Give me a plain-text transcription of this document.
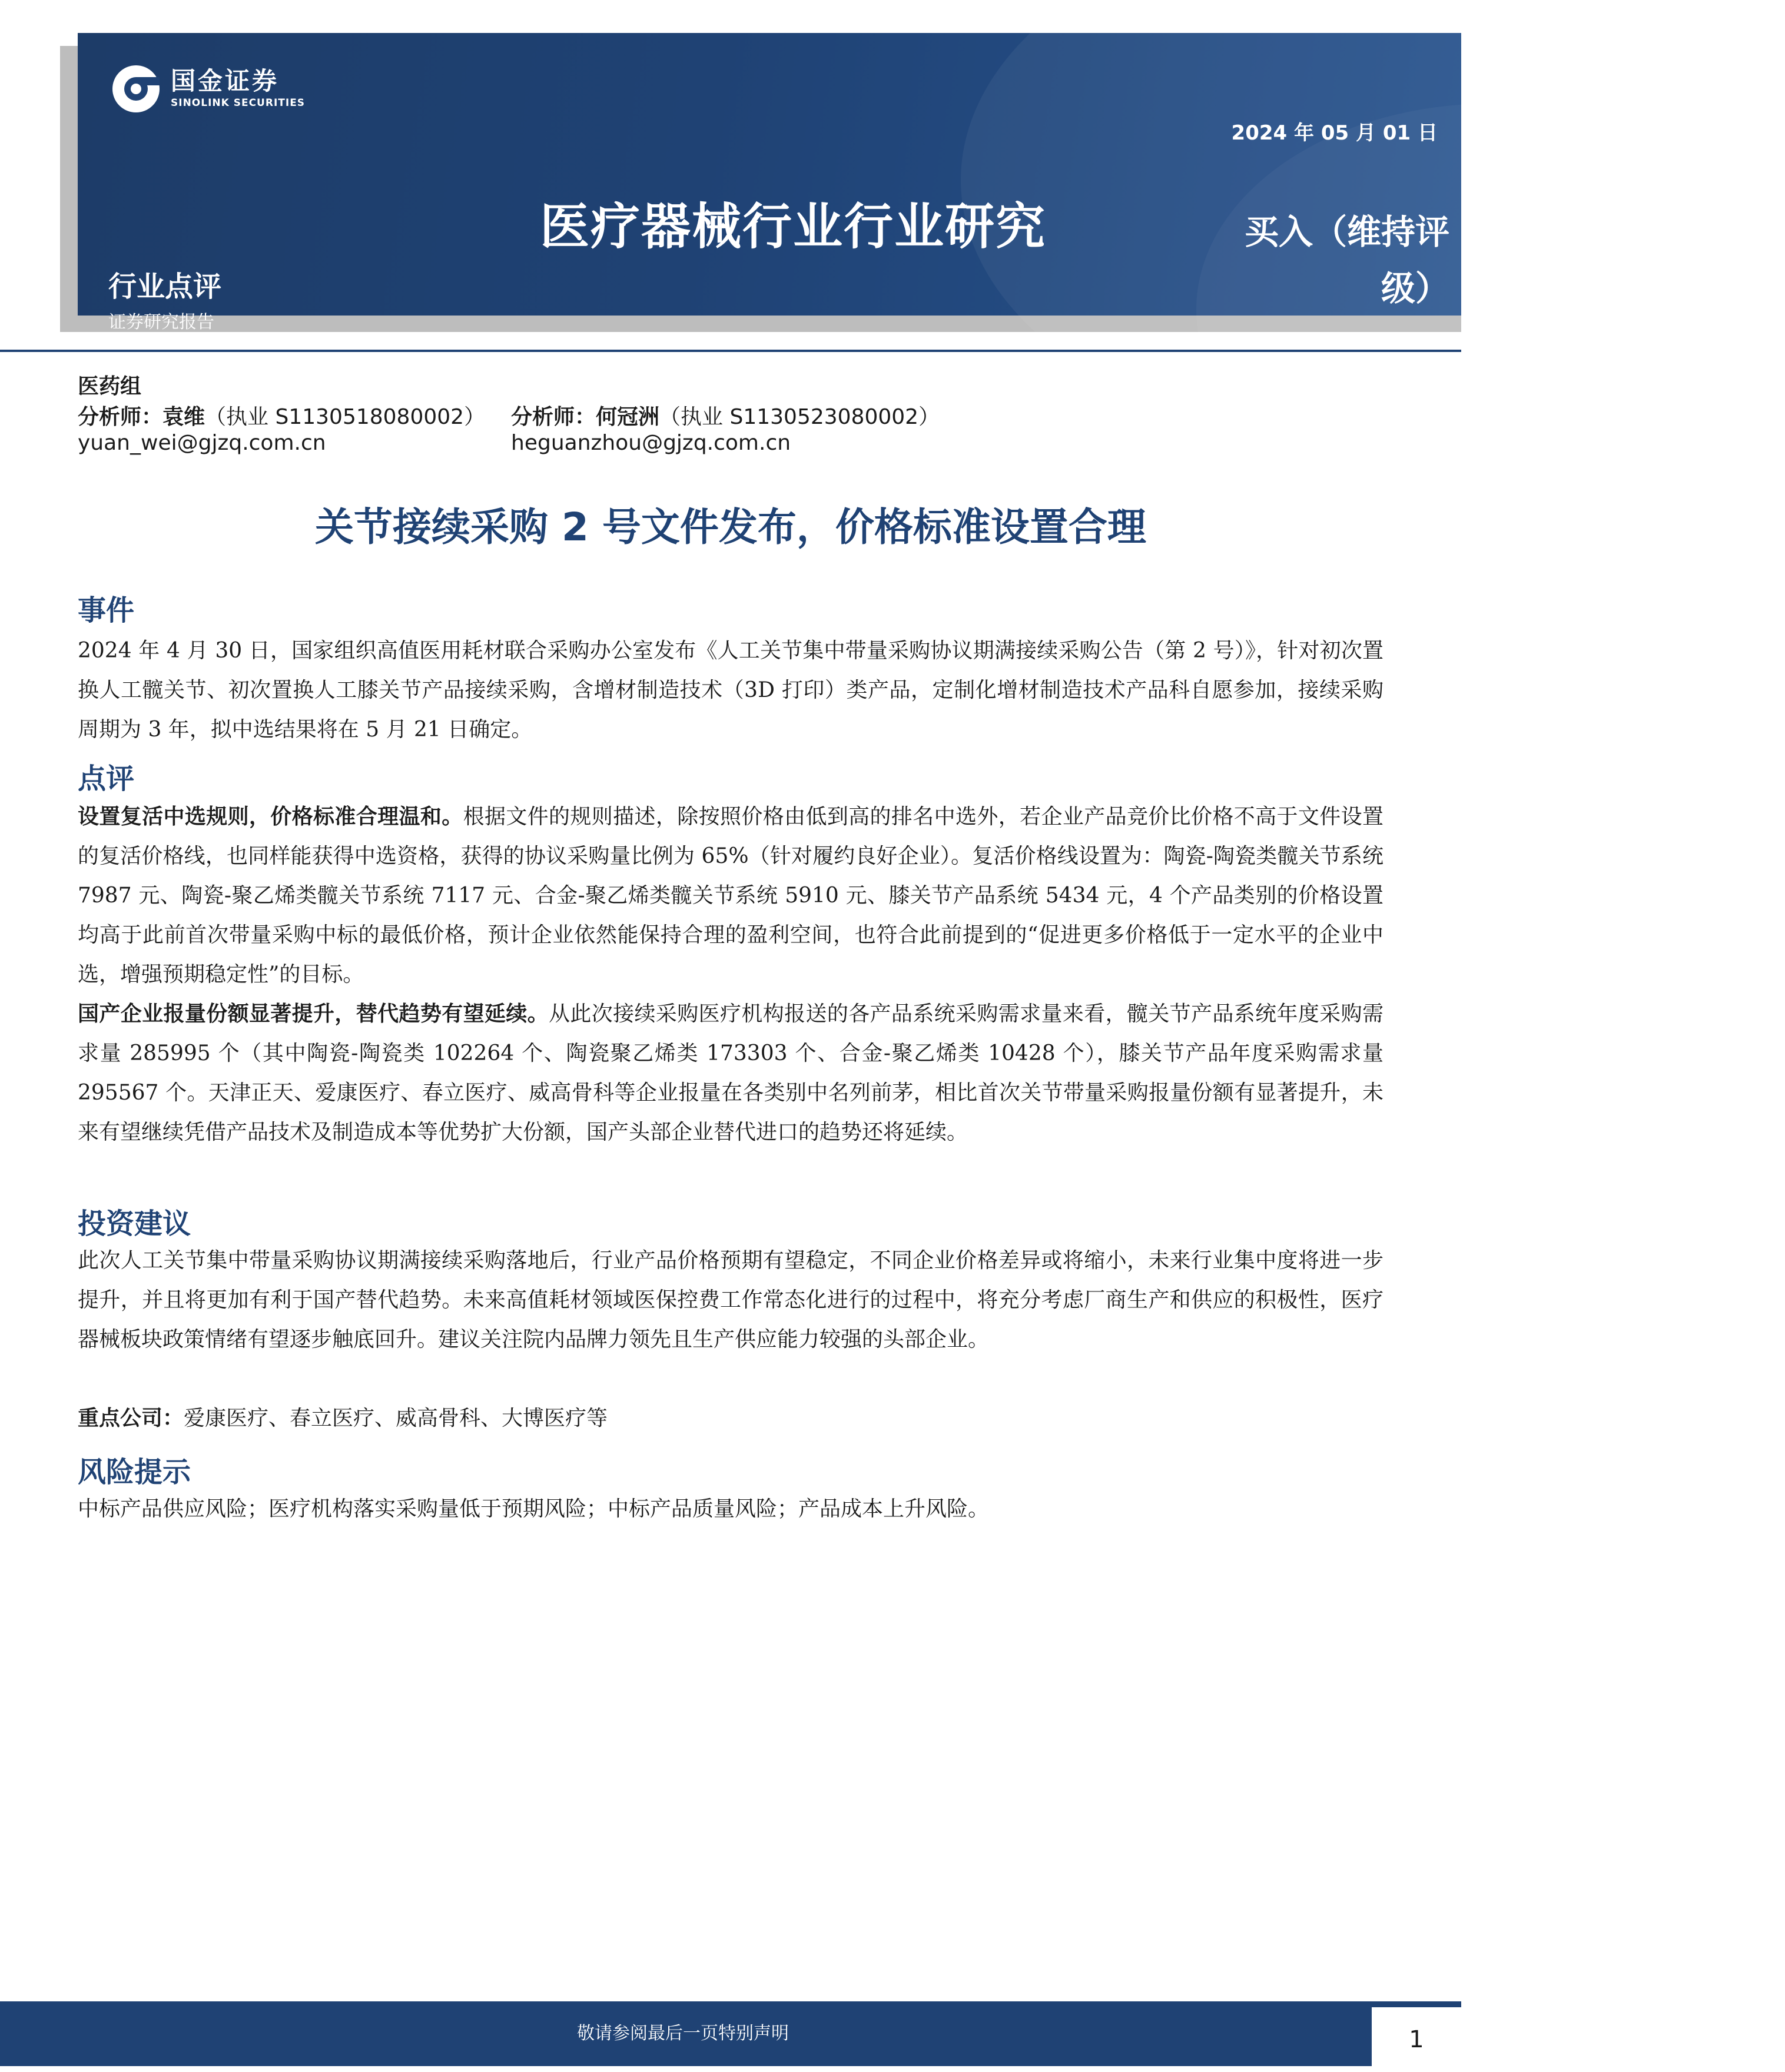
国金证券
SINOLINK SECURITIES
2024 年 05 月 01 日
医疗器械行业行业研究
行业点评
证券研究报告
买入（维持评级）
医药组
分析师：袁维（执业 S1130518080002） 分析师：何冠洲（执业 S1130523080002）
yuan_wei@gjzq.com.cn	heguanzhou@gjzq.com.cn
关节接续采购 2 号文件发布，价格标准设置合理
事件

2024 年 4 月 30 日，国家组织高值医用耗材联合采购办公室发布《人工关节集中带量采购协议期满接续采购公告（第 2 号）》，针对初次置换人工髋关节、初次置换人工膝关节产品接续采购，含增材制造技术（3D 打印）类产品，定制化增材制造技术产品科自愿参加，接续采购周期为 3 年，拟中选结果将在 5 月 21 日确定。

点评

设置复活中选规则，价格标准合理温和。根据文件的规则描述，除按照价格由低到高的排名中选外，若企业产品竞价比价格不高于文件设置的复活价格线，也同样能获得中选资格，获得的协议采购量比例为 65%（针对履约良好企业）。复活价格线设置为：陶瓷-陶瓷类髋关节系统 7987 元、陶瓷-聚乙烯类髋关节系统 7117 元、合金-聚乙烯类髋关节系统 5910 元、膝关节产品系统 5434 元，4 个产品类别的价格设置均高于此前首次带量采购中标的最低价格，预计企业依然能保持合理的盈利空间，也符合此前提到的“促进更多价格低于一定水平的企业中选，增强预期稳定性”的目标。

国产企业报量份额显著提升，替代趋势有望延续。从此次接续采购医疗机构报送的各产品系统采购需求量来看，髋关节产品系统年度采购需求量 285995 个（其中陶瓷-陶瓷类 102264 个、陶瓷聚乙烯类 173303 个、合金-聚乙烯类 10428 个），膝关节产品年度采购需求量 295567 个。天津正天、爱康医疗、春立医疗、威高骨科等企业报量在各类别中名列前茅，相比首次关节带量采购报量份额有显著提升，未来有望继续凭借产品技术及制造成本等优势扩大份额，国产头部企业替代进口的趋势还将延续。

投资建议

此次人工关节集中带量采购协议期满接续采购落地后，行业产品价格预期有望稳定，不同企业价格差异或将缩小，未来行业集中度将进一步提升，并且将更加有利于国产替代趋势。未来高值耗材领域医保控费工作常态化进行的过程中，将充分考虑厂商生产和供应的积极性，医疗器械板块政策情绪有望逐步触底回升。建议关注院内品牌力领先且生产供应能力较强的头部企业。

重点公司：爱康医疗、春立医疗、威高骨科、大博医疗等

风险提示

中标产品供应风险；医疗机构落实采购量低于预期风险；中标产品质量风险；产品成本上升风险。

敬请参阅最后一页特别声明	1
